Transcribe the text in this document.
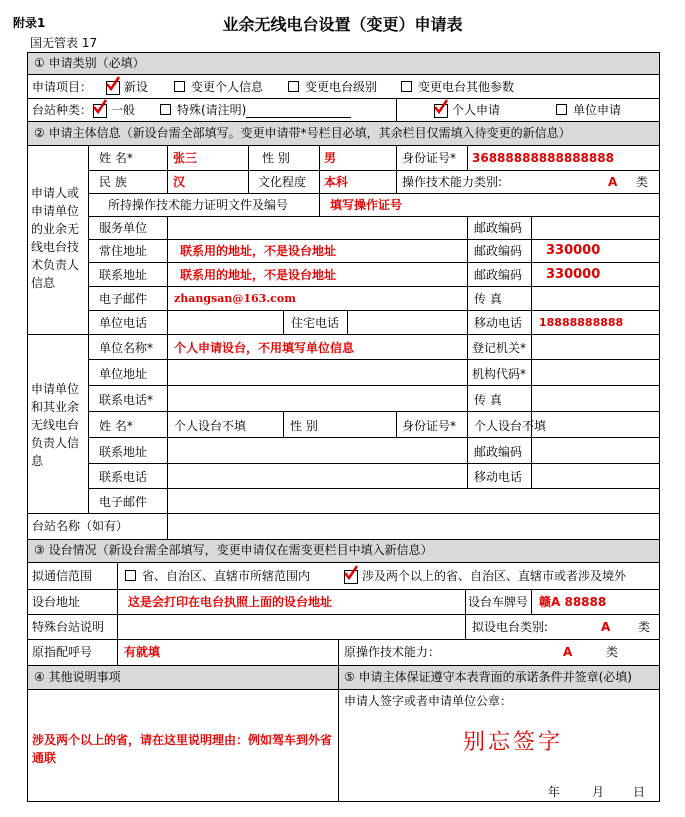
附录1	业余无线电台设置（变更）申请表
国无管表 17
① 申请类别（必填）
申请项目：	新设	变更个人信息	变更电台级别	变更电台其他参数
台站种类：	一般	特殊(请注明)	个人申请	单位申请
② 申请主体信息（新设台需全部填写。变更申请带*号栏目必填，其余栏目仅需填入待变更的新信息）
申请人或申请单位的业余无线电台技术负责人信息
姓 名*	张三	性 别	男	身份证号* 36888888888888888
民 族	汉	文化程度 本科	操作技术能力类别:	A 类
所持操作技术能力证明文件及编号	填写操作证号
服务单位	邮政编码
常住地址	联系用的地址，不是设台地址	邮政编码 330000
联系地址	联系用的地址，不是设台地址	邮政编码 330000
电子邮件 zhangsan@163.com	传 真
单位电话	住宅电话	移动电话 18888888888
申请单位和其业余无线电台负责人信息
单位名称* 个人申请设台，不用填写单位信息	登记机关*
单位地址	机构代码*
联系电话*	传 真
姓 名*	个人设台不填	性 别	身份证号* 个人设台不填
联系地址	邮政编码
联系电话	移动电话
电子邮件
台站名称（如有）
③ 设台情况（新设台需全部填写，变更申请仅在需变更栏目中填入新信息）
拟通信范围	省、自治区、直辖市所辖范围内	涉及两个以上的省、自治区、直辖市或者涉及境外
设台地址	这是会打印在电台执照上面的设台地址	设台车牌号 赣A 88888
特殊台站说明	拟设电台类别:	A 类
原指配呼号	有就填	原操作技术能力：	A	类
④ 其他说明事项	⑤ 申请主体保证遵守本表背面的承诺条件并签章(必填)
涉及两个以上的省，请在这里说明理由：例如驾车到外省通联
申请人签字或者申请单位公章：
别忘签字
年	月 日
